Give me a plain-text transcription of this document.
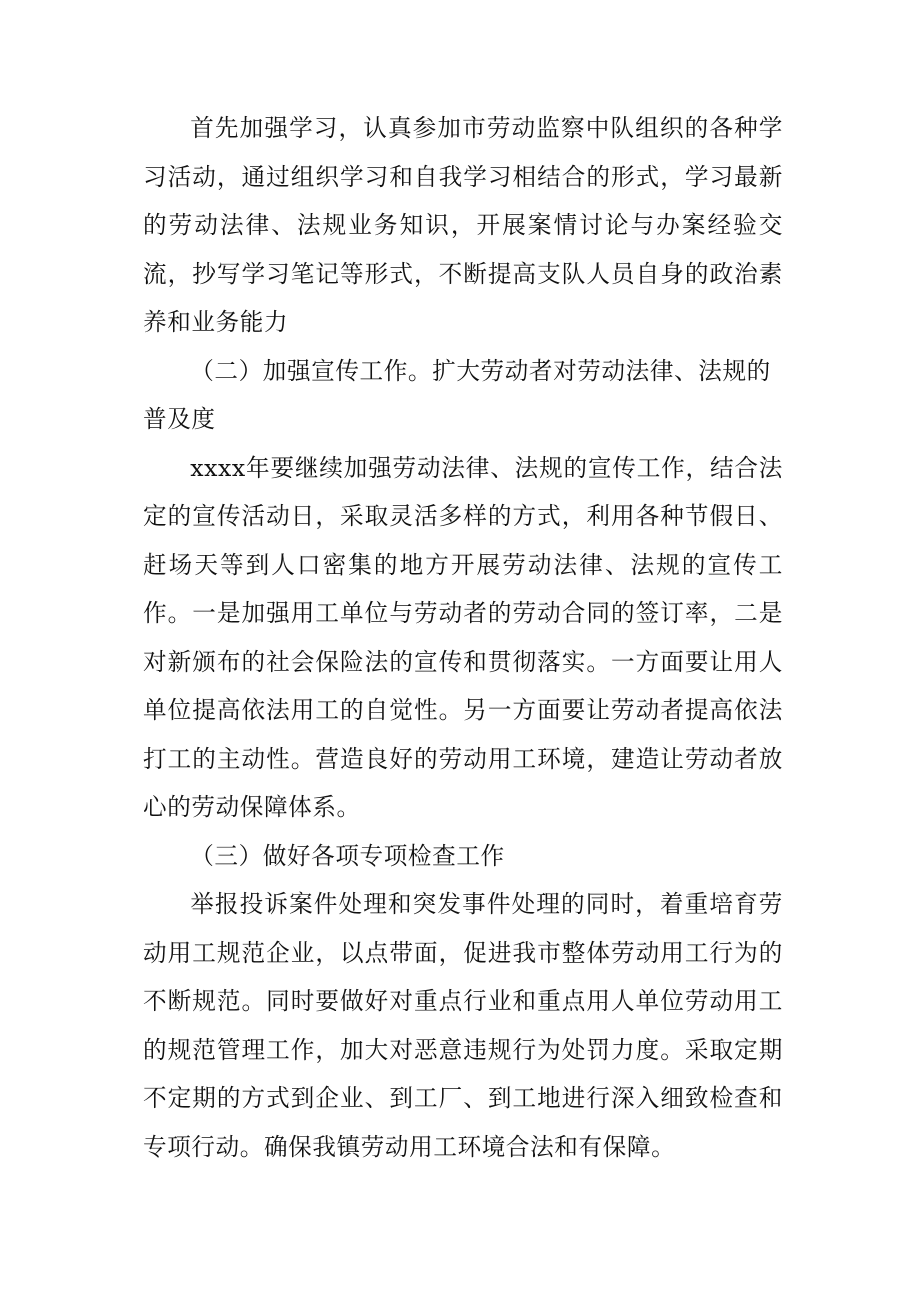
首先加强学习，认真参加市劳动监察中队组织的各种学习活动，通过组织学习和自我学习相结合的形式，学习最新的劳动法律、法规业务知识，开展案情讨论与办案经验交流，抄写学习笔记等形式，不断提高支队人员自身的政治素养和业务能力

（二）加强宣传工作。扩大劳动者对劳动法律、法规的普及度

xxxx年要继续加强劳动法律、法规的宣传工作，结合法定的宣传活动日，采取灵活多样的方式，利用各种节假日、赶场天等到人口密集的地方开展劳动法律、法规的宣传工作。一是加强用工单位与劳动者的劳动合同的签订率，二是对新颁布的社会保险法的宣传和贯彻落实。一方面要让用人单位提高依法用工的自觉性。另一方面要让劳动者提高依法打工的主动性。营造良好的劳动用工环境，建造让劳动者放心的劳动保障体系。

（三）做好各项专项检查工作

举报投诉案件处理和突发事件处理的同时，着重培育劳动用工规范企业，以点带面，促进我市整体劳动用工行为的不断规范。同时要做好对重点行业和重点用人单位劳动用工的规范管理工作，加大对恶意违规行为处罚力度。采取定期不定期的方式到企业、到工厂、到工地进行深入细致检查和专项行动。确保我镇劳动用工环境合法和有保障。
